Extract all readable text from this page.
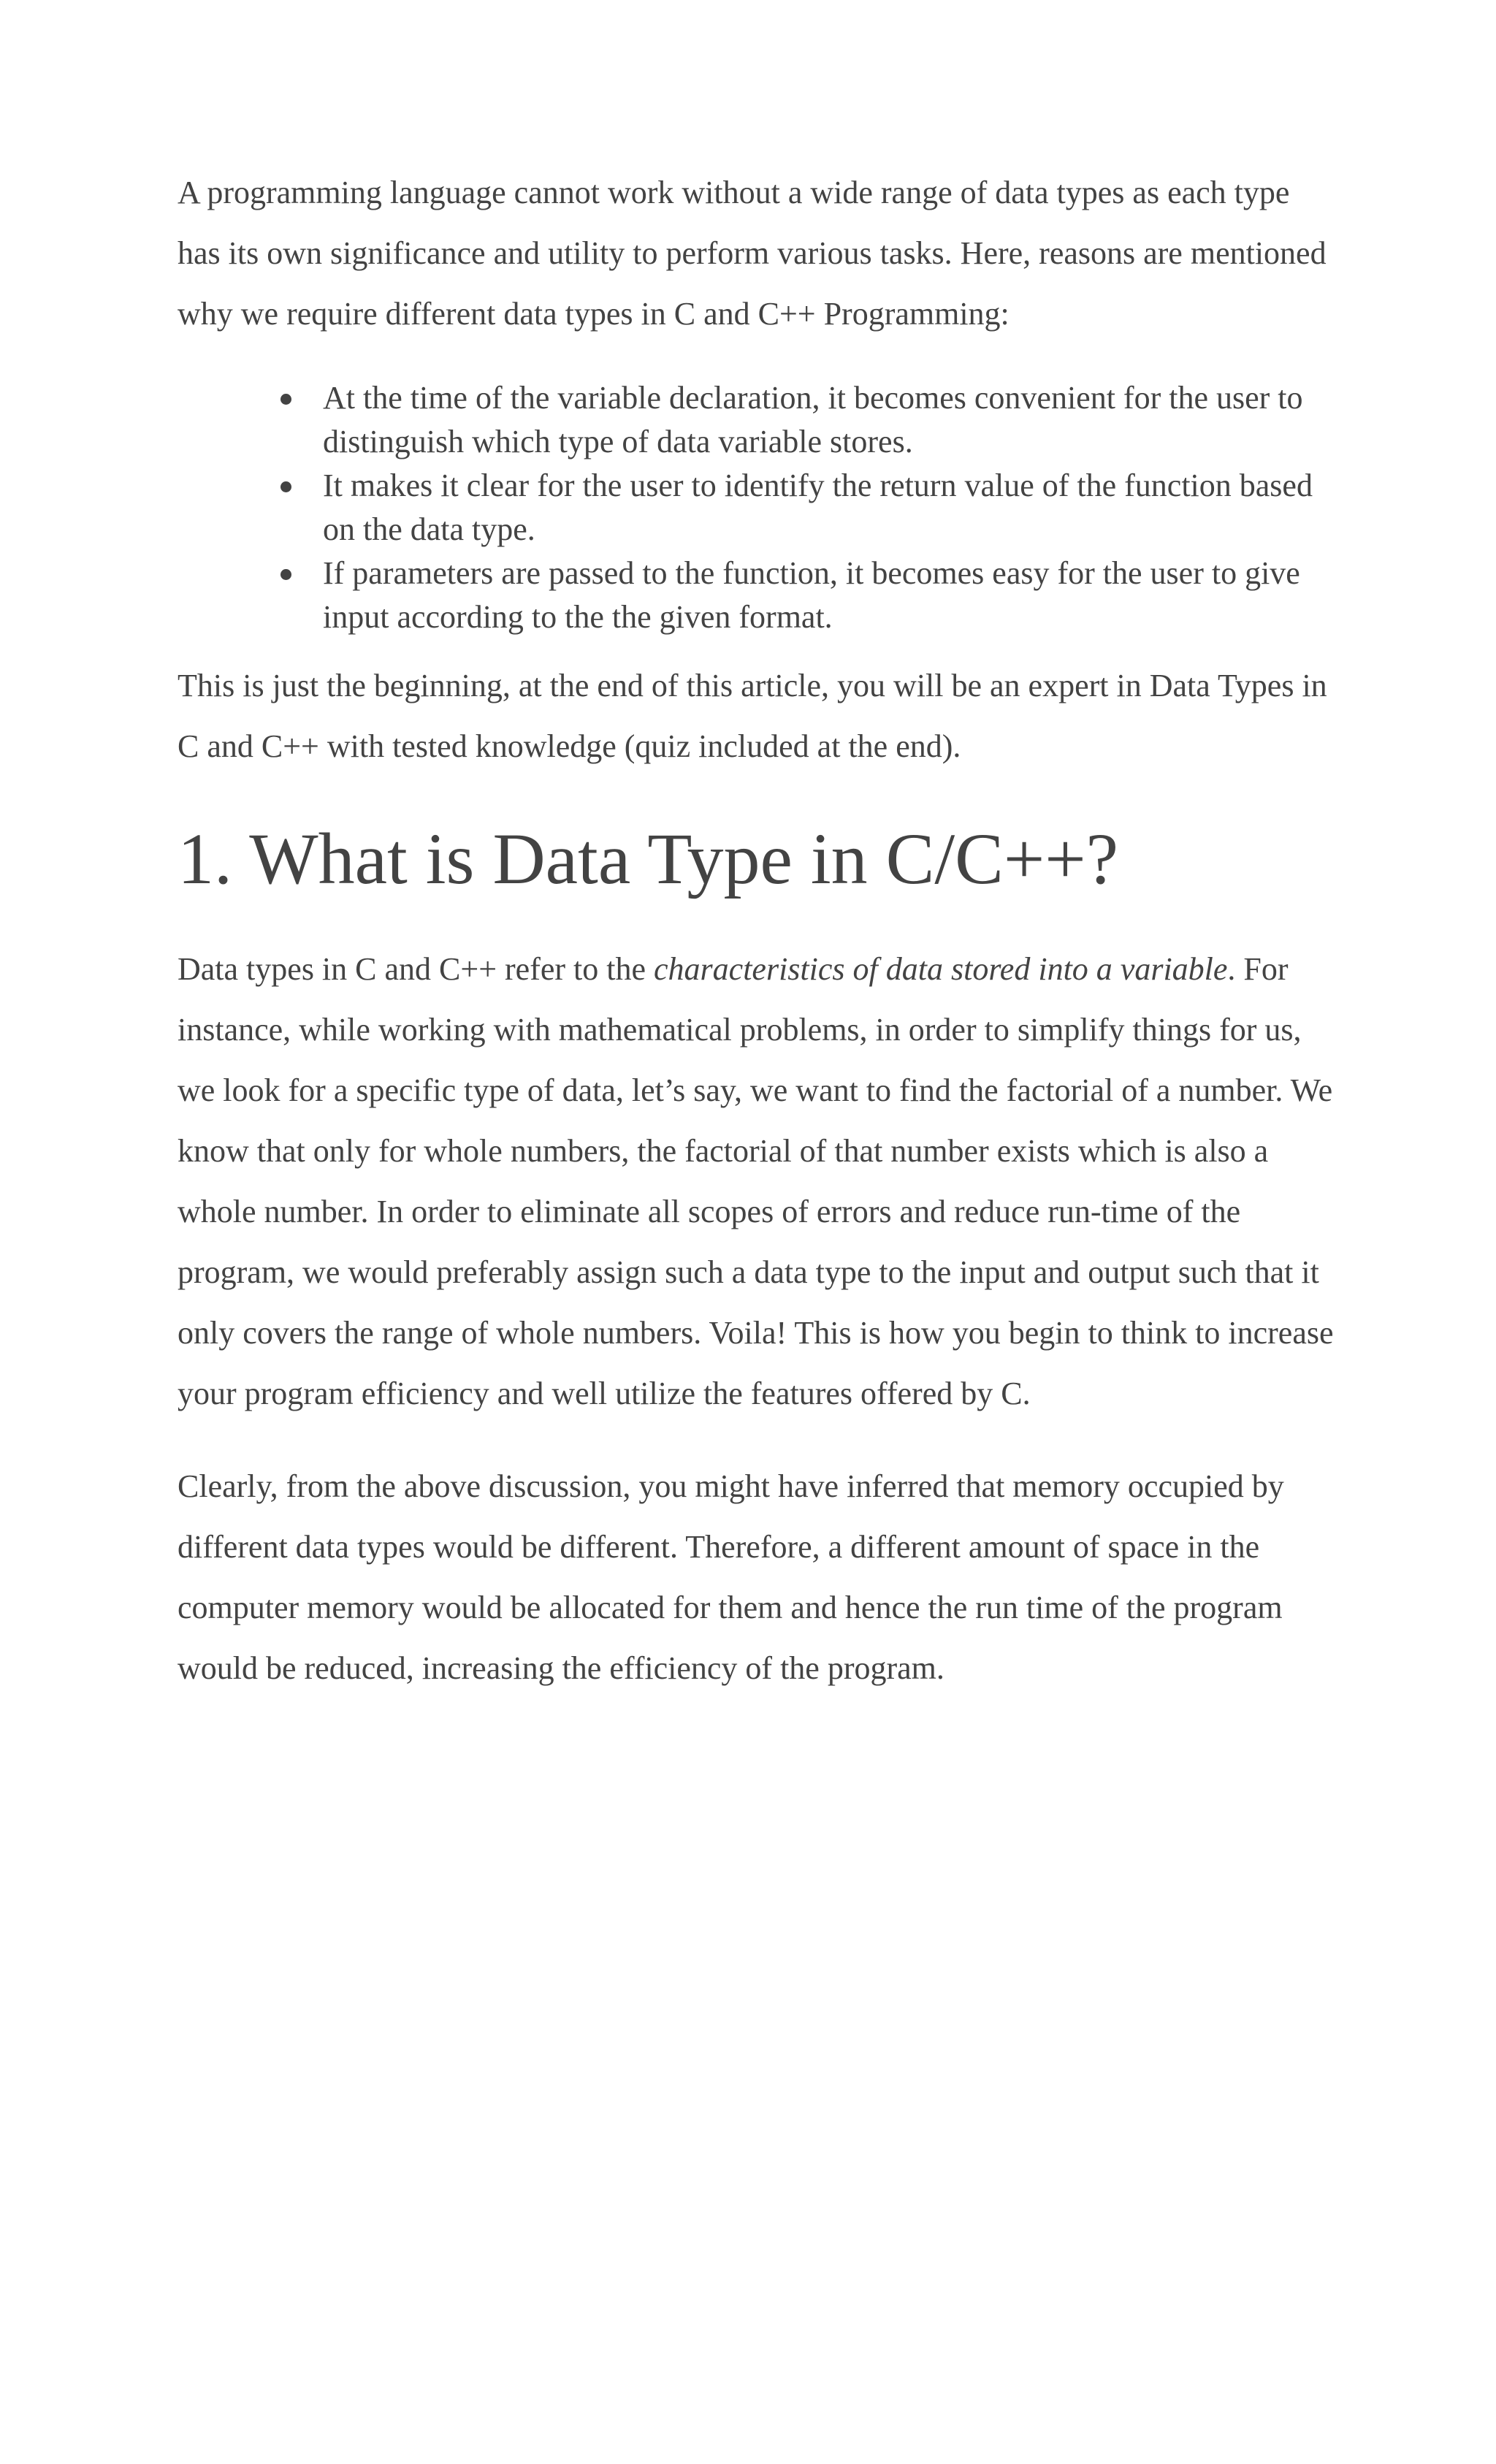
A programming language cannot work without a wide range of data types as each type has its own significance and utility to perform various tasks. Here, reasons are mentioned why we require different data types in C and C++ Programming:

At the time of the variable declaration, it becomes convenient for the user to distinguish which type of data variable stores.
It makes it clear for the user to identify the return value of the function based on the data type.
If parameters are passed to the function, it becomes easy for the user to give input according to the the given format.

This is just the beginning, at the end of this article, you will be an expert in Data Types in C and C++ with tested knowledge (quiz included at the end).

1. What is Data Type in C/C++?

Data types in C and C++ refer to the characteristics of data stored into a variable. For instance, while working with mathematical problems, in order to simplify things for us, we look for a specific type of data, let’s say, we want to find the factorial of a number. We know that only for whole numbers, the factorial of that number exists which is also a whole number. In order to eliminate all scopes of errors and reduce run-time of the program, we would preferably assign such a data type to the input and output such that it only covers the range of whole numbers. Voila! This is how you begin to think to increase your program efficiency and well utilize the features offered by C.

Clearly, from the above discussion, you might have inferred that memory occupied by different data types would be different. Therefore, a different amount of space in the computer memory would be allocated for them and hence the run time of the program would be reduced, increasing the efficiency of the program.
